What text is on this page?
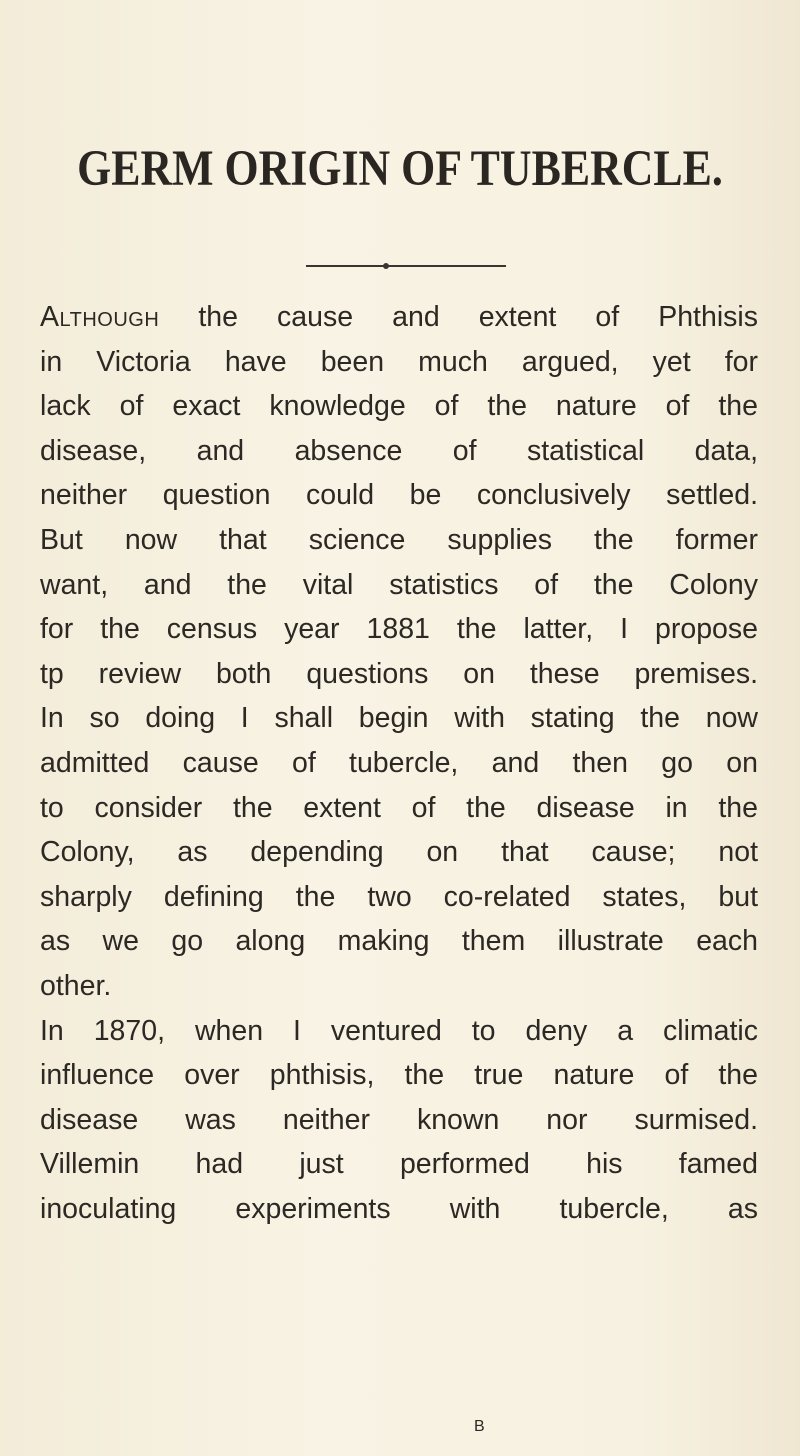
GERM ORIGIN OF TUBERCLE.
Although the cause and extent of Phthisis
in Victoria have been much argued, yet for
lack of exact knowledge of the nature of the
disease, and absence of statistical data,
neither question could be conclusively settled.
But now that science supplies the former
want, and the vital statistics of the Colony
for the census year 1881 the latter, I propose
tp review both questions on these premises.
In so doing I shall begin with stating the now
admitted cause of tubercle, and then go on
to consider the extent of the disease in the
Colony, as depending on that cause; not
sharply defining the two co-related states, but
as we go along making them illustrate each
other.
In 1870, when I ventured to deny a climatic
influence over phthisis, the true nature of the
disease was neither known nor surmised.
Villemin had just performed his famed
inoculating experiments with tubercle, as
B
